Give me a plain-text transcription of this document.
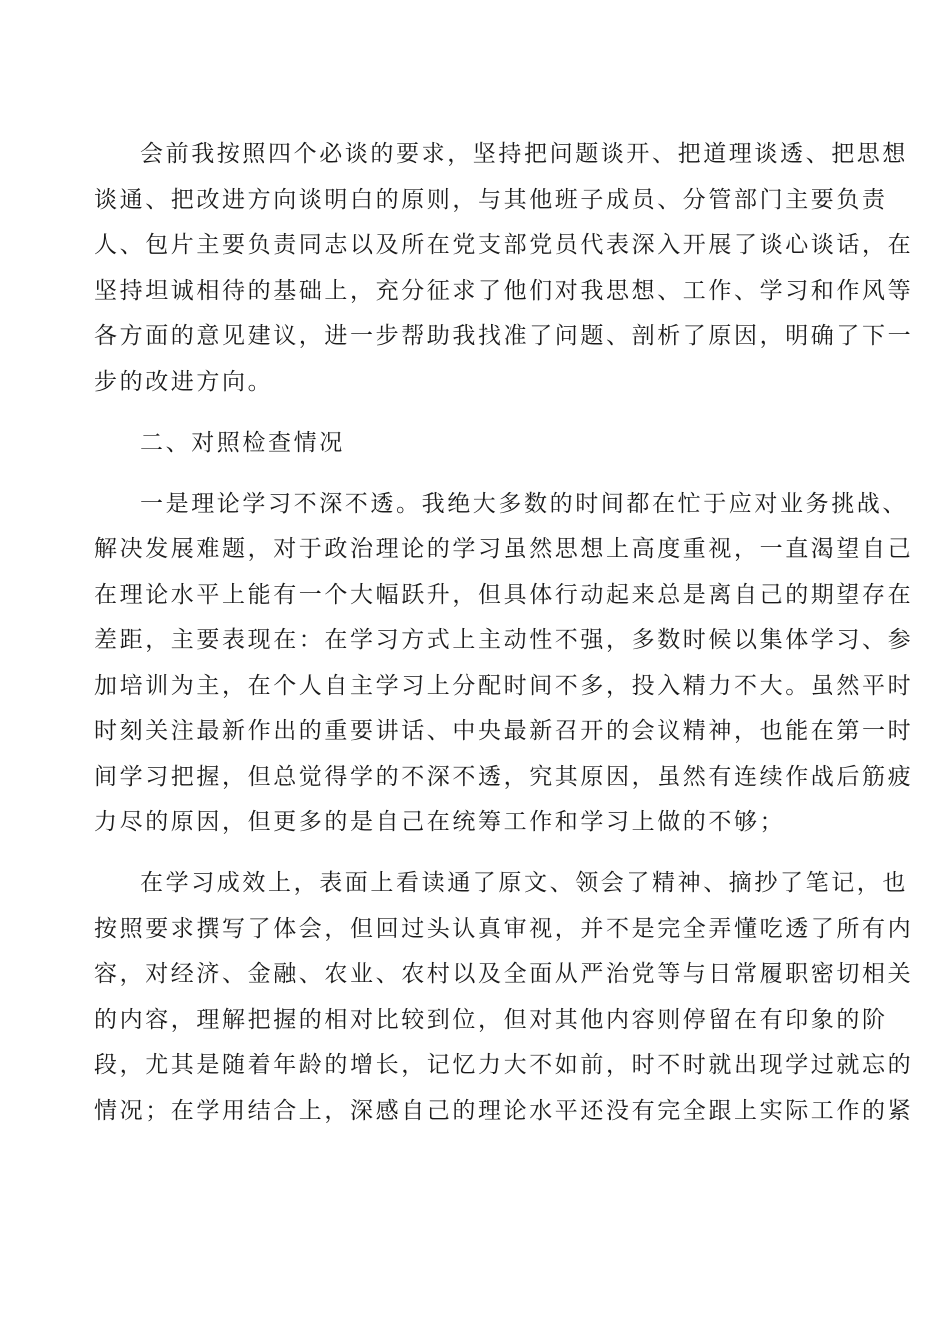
会前我按照四个必谈的要求，坚持把问题谈开、把道理谈透、把思想
谈通、把改进方向谈明白的原则，与其他班子成员、分管部门主要负责
人、包片主要负责同志以及所在党支部党员代表深入开展了谈心谈话，在
坚持坦诚相待的基础上，充分征求了他们对我思想、工作、学习和作风等
各方面的意见建议，进一步帮助我找准了问题、剖析了原因，明确了下一
步的改进方向。

二、对照检查情况

一是理论学习不深不透。我绝大多数的时间都在忙于应对业务挑战、
解决发展难题，对于政治理论的学习虽然思想上高度重视，一直渴望自己
在理论水平上能有一个大幅跃升，但具体行动起来总是离自己的期望存在
差距，主要表现在：在学习方式上主动性不强，多数时候以集体学习、参
加培训为主，在个人自主学习上分配时间不多，投入精力不大。虽然平时
时刻关注最新作出的重要讲话、中央最新召开的会议精神，也能在第一时
间学习把握，但总觉得学的不深不透，究其原因，虽然有连续作战后筋疲
力尽的原因，但更多的是自己在统筹工作和学习上做的不够；

在学习成效上，表面上看读通了原文、领会了精神、摘抄了笔记，也
按照要求撰写了体会，但回过头认真审视，并不是完全弄懂吃透了所有内
容，对经济、金融、农业、农村以及全面从严治党等与日常履职密切相关
的内容，理解把握的相对比较到位，但对其他内容则停留在有印象的阶
段，尤其是随着年龄的增长，记忆力大不如前，时不时就出现学过就忘的
情况；在学用结合上，深感自己的理论水平还没有完全跟上实际工作的紧
